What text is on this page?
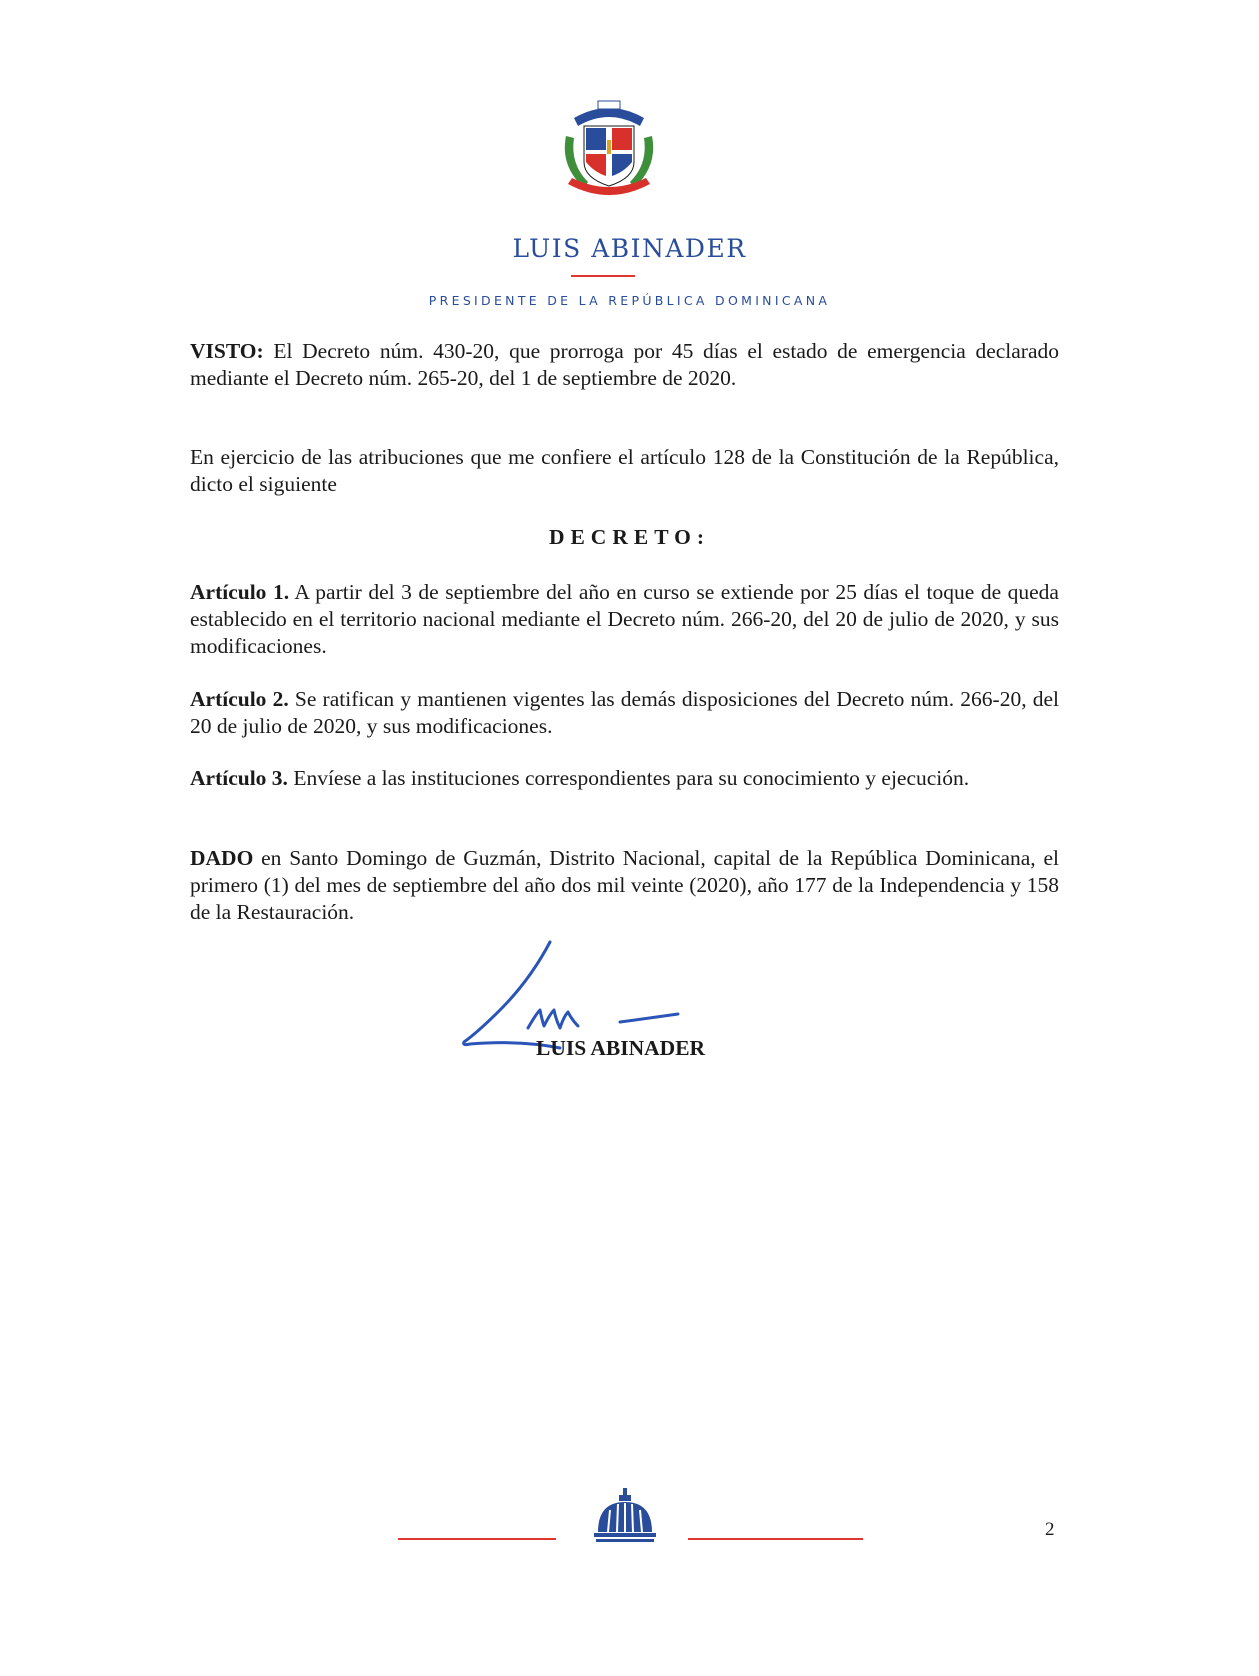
LUIS ABINADER
PRESIDENTE DE LA REPÚBLICA DOMINICANA

VISTO: El Decreto núm. 430-20, que prorroga por 45 días el estado de emergencia declarado mediante el Decreto núm. 265-20, del 1 de septiembre de 2020.

En ejercicio de las atribuciones que me confiere el artículo 128 de la Constitución de la República, dicto el siguiente

DECRETO:

Artículo 1. A partir del 3 de septiembre del año en curso se extiende por 25 días el toque de queda establecido en el territorio nacional mediante el Decreto núm. 266-20, del 20 de julio de 2020, y sus modificaciones.

Artículo 2. Se ratifican y mantienen vigentes las demás disposiciones del Decreto núm. 266-20, del 20 de julio de 2020, y sus modificaciones.

Artículo 3. Envíese a las instituciones correspondientes para su conocimiento y ejecución.

DADO en Santo Domingo de Guzmán, Distrito Nacional, capital de la República Dominicana, el primero (1) del mes de septiembre del año dos mil veinte (2020), año 177 de la Independencia y 158 de la Restauración.

LUIS ABINADER
2
